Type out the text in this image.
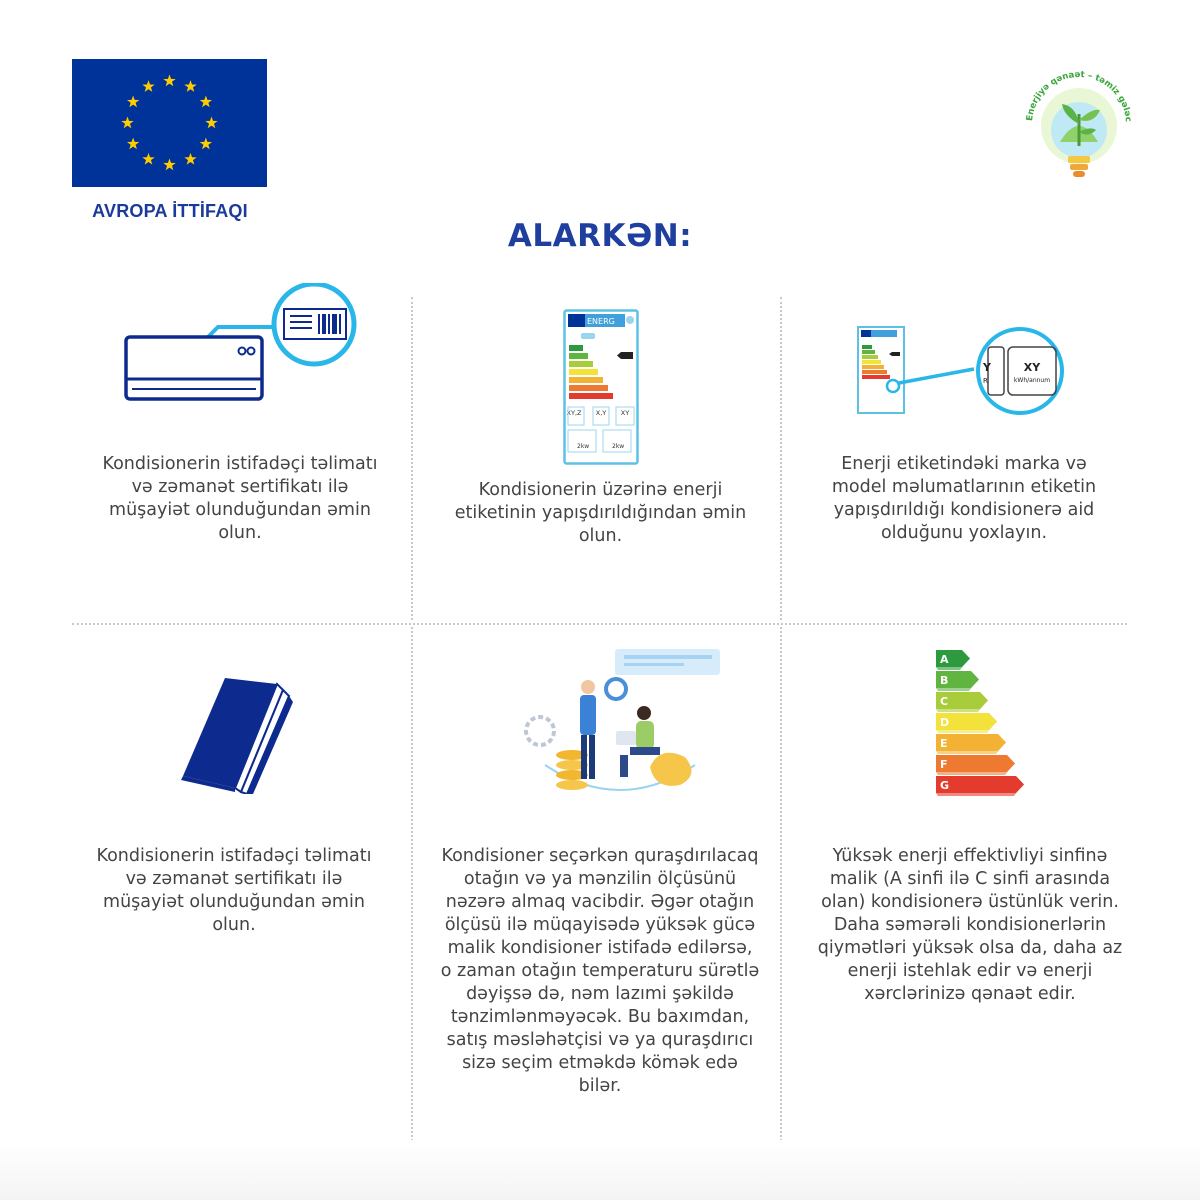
AVROPA İTTİFAQI
Enerjiyə qənaət – təmiz gələc
ALARKƏN:
ENERG
XY,Z X,Y XY
2kw	2kw
Y
R
XY
kWh/annum
A
B
C
D
E
F
G
Kondisionerin istifadəçi təlimatı və zəmanət sertifikatı ilə müşayiət olunduğundan əmin olun.
Kondisionerin üzərinə enerji etiketinin yapışdırıldığından əmin olun.
Enerji etiketindəki marka və model məlumatlarının etiketin yapışdırıldığı kondisionerə aid olduğunu yoxlayın.
Kondisionerin istifadəçi təlimatı və zəmanət sertifikatı ilə müşayiət olunduğundan əmin olun.
Kondisioner seçərkən quraşdırılacaq otağın və ya mənzilin ölçüsünü nəzərə almaq vacibdir. Əgər otağın ölçüsü ilə müqayisədə yüksək gücə malik kondisioner istifadə edilərsə, o zaman otağın temperaturu sürətlə dəyişsə də, nəm lazımi şəkildə tənzimlənməyəcək. Bu baxımdan, satış məsləhətçisi və ya quraşdırıcı sizə seçim etməkdə kömək edə bilər.
Yüksək enerji effektivliyi sinfinə malik (A sinfi ilə C sinfi arasında olan) kondisionerə üstünlük verin. Daha səmərəli kondisionerlərin qiymətləri yüksək olsa da, daha az enerji istehlak edir və enerji xərclərinizə qənaət edir.
